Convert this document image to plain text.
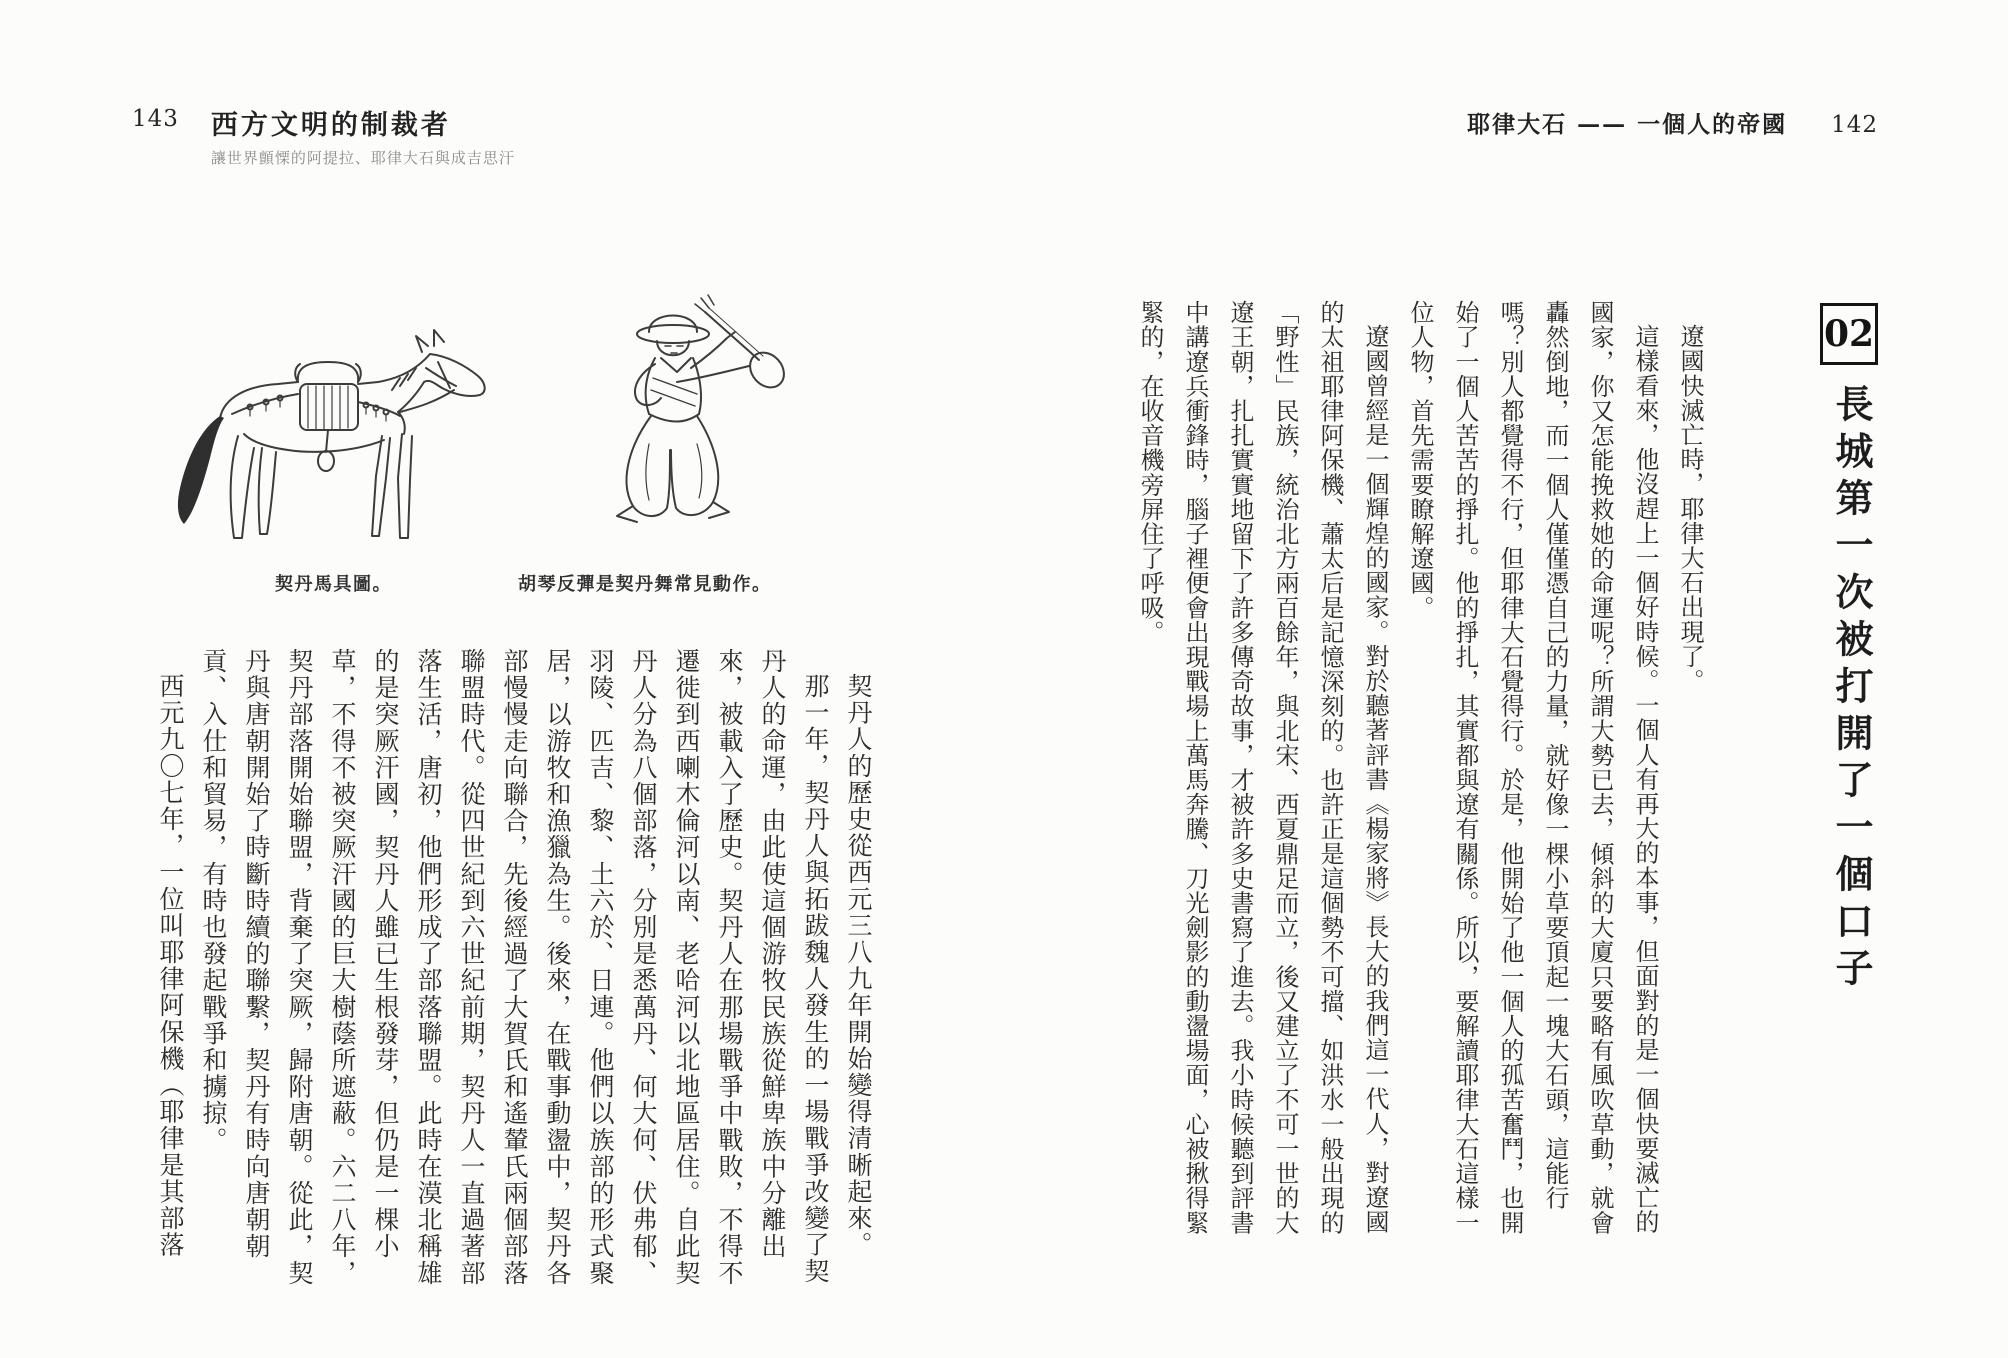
143 西方文明的制裁者
讓世界顫慄的阿提拉、耶律大石與成吉思汗
契丹馬具圖。	胡琴反彈是契丹舞常見動作。

契丹人的歷史從西元三八九年開始變得清晰起來。

那一年，契丹人與拓跋魏人發生的一場戰爭改變了契丹人的命運，由此使這個游牧民族從鮮卑族中分離出來，被載入了歷史。契丹人在那場戰爭中戰敗，不得不遷徙到西喇木倫河以南、老哈河以北地區居住。自此契丹人分為八個部落，分別是悉萬丹、何大何、伏弗郁、羽陵、匹吉、黎、土六於、日連。他們以族部的形式聚居，以游牧和漁獵為生。後來，在戰事動盪中，契丹各部慢慢走向聯合，先後經過了大賀氏和遙輦氏兩個部落聯盟時代。從四世紀到六世紀前期，契丹人一直過著部落生活，唐初，他們形成了部落聯盟。此時在漠北稱雄的是突厥汗國，契丹人雖已生根發芽，但仍是一棵小草，不得不被突厥汗國的巨大樹蔭所遮蔽。六二八年，契丹部落開始聯盟，背棄了突厥，歸附唐朝。從此，契丹與唐朝開始了時斷時續的聯繫，契丹有時向唐朝朝貢、入仕和貿易，有時也發起戰爭和擄掠。

西元九〇七年，一位叫耶律阿保機（耶律是其部落

耶律大石 —— 一個人的帝國 142
02
長城第一次被打開了一個口子

遼國快滅亡時，耶律大石出現了。

這樣看來，他沒趕上一個好時候。一個人有再大的本事，但面對的是一個快要滅亡的國家，你又怎能挽救她的命運呢？所謂大勢已去，傾斜的大廈只要略有風吹草動，就會轟然倒地，而一個人僅僅憑自己的力量，就好像一棵小草要頂起一塊大石頭，這能行嗎？別人都覺得不行，但耶律大石覺得行。於是，他開始了他一個人的孤苦奮鬥，也開始了一個人苦苦的掙扎。他的掙扎，其實都與遼有關係。所以，要解讀耶律大石這樣一位人物，首先需要瞭解遼國。

遼國曾經是一個輝煌的國家。對於聽著評書《楊家將》長大的我們這一代人，對遼國的太祖耶律阿保機、蕭太后是記憶深刻的。也許正是這個勢不可擋、如洪水一般出現的「野性」民族，統治北方兩百餘年，與北宋、西夏鼎足而立，後又建立了不可一世的大遼王朝，扎扎實實地留下了許多傳奇故事，才被許多史書寫了進去。我小時候聽到評書中講遼兵衝鋒時，腦子裡便會出現戰場上萬馬奔騰、刀光劍影的動盪場面，心被揪得緊緊的，在收音機旁屏住了呼吸。
